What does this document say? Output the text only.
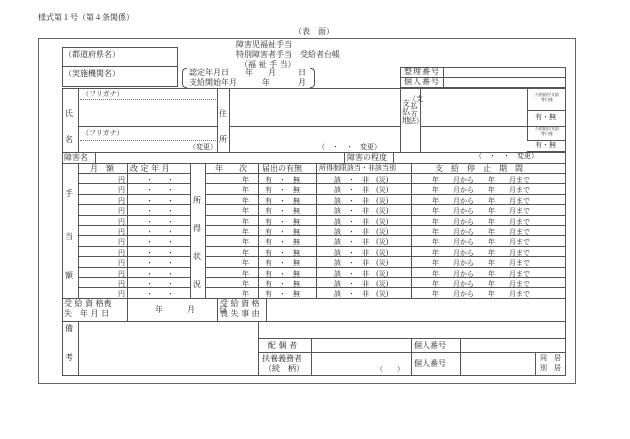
様式第１号（第４条関係）
（表　面）
障害児福祉手当
特別障害者手当　受給者台帳
（福 祉 手 当）
（都道府県名）
（実施機関名）	認定年月日 年 月	日
支給開始年月	年	月
整理番号
個人番号
氏
名
（フリガナ）
（フリガナ）
（変更）
住
所
（　・　・　変更）
支払地
（支払方法）
公的給付支給
等口座
有・無
公的給付支給
等口座
有・無
（　・　・　変更）
障害名	障害の程度
月　額 改 定 年 月	年　　次 届出の有無 所得制限該当・非該当別	支　給　停　止　期　間
手
当
額
所
得
状
況
円	・　　・	年 有　・　無	該　・　非　(災)	年　　月から　　年　　月まで
円	・　　・	年 有　・　無	該　・　非　(災)	年　　月から　　年　　月まで
円	・　　・	年 有　・　無	該　・　非　(災)	年　　月から　　年　　月まで
円	・　　・	年 有　・　無	該　・　非　(災)	年　　月から　　年　　月まで
円	・　　・	年 有　・　無	該　・　非　(災)	年　　月から　　年　　月まで
円	・　　・	年 有　・　無	該　・　非　(災)	年　　月から　　年　　月まで
円	・　　・	年 有　・　無	該　・　非　(災)	年　　月から　　年　　月まで
円	・　　・	年 有　・　無	該　・　非　(災)	年　　月から　　年　　月まで
円	・　　・	年 有　・　無	該　・　非　(災)	年　　月から　　年　　月まで
円	・　　・	年 有　・　無	該　・　非　(災)	年　　月から　　年　　月まで
円	・　　・	年 有　・　無	該　・　非　(災)	年　　月から　　年　　月まで
円	・　　・	年 有　・　無	該　・　非　(災)	年　　月から　　年　　月まで
受 給 資 格喪
失　年 月 日	年　　　月　　　日
受 給 資 格
喪 失 事 由
備
考
配 偶 者	個人番号
扶養義務者
（続　柄）	（　　）
個人番号
同　居
別　居
